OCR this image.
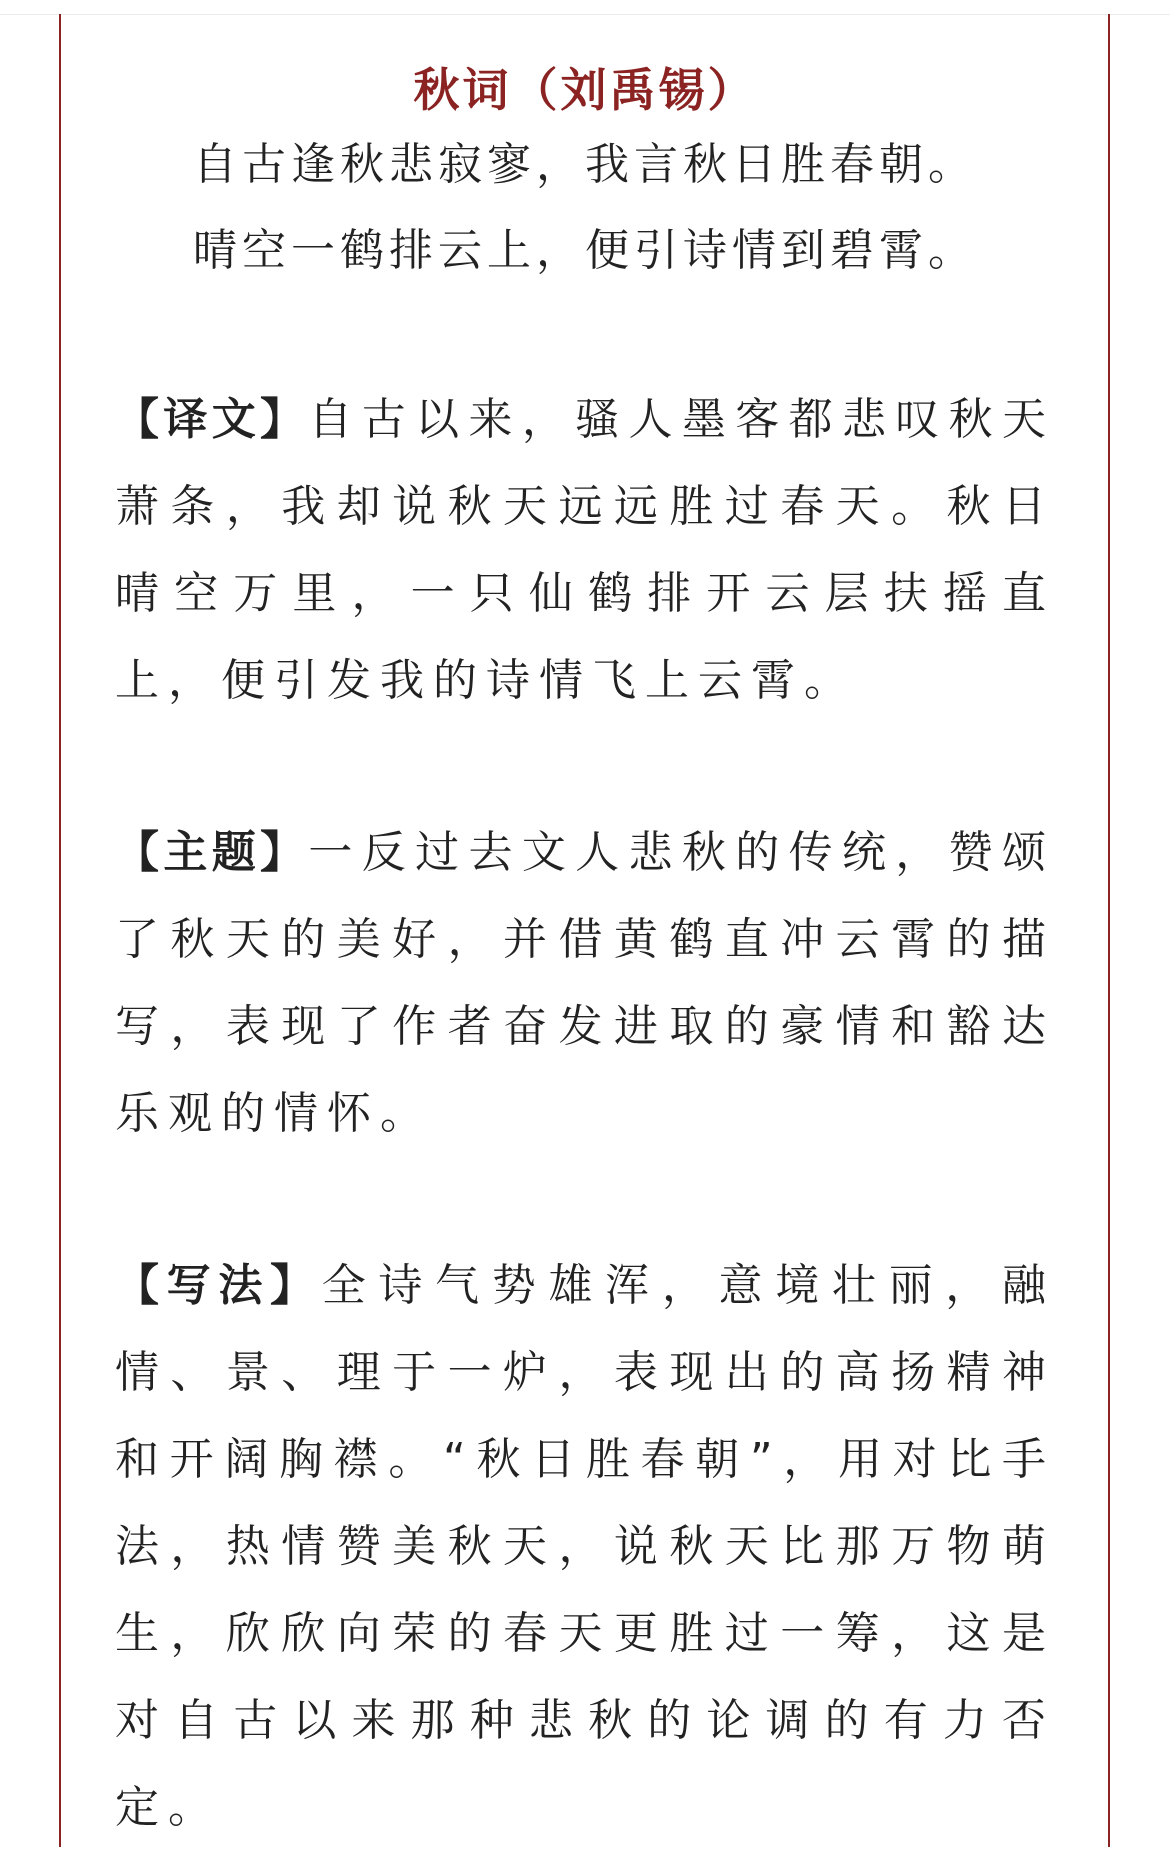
秋词（刘禹锡）
自古逢秋悲寂寥，我言秋日胜春朝。
晴空一鹤排云上，便引诗情到碧霄。

【译文】自古以来，骚人墨客都悲叹秋天萧条，我却说秋天远远胜过春天。秋日晴空万里，一只仙鹤排开云层扶摇直上，便引发我的诗情飞上云霄。

【主题】一反过去文人悲秋的传统，赞颂了秋天的美好，并借黄鹤直冲云霄的描写，表现了作者奋发进取的豪情和豁达乐观的情怀。

【写法】全诗气势雄浑，意境壮丽，融情、景、理于一炉，表现出的高扬精神和开阔胸襟。“秋日胜春朝”，用对比手法，热情赞美秋天，说秋天比那万物萌生，欣欣向荣的春天更胜过一筹，这是对自古以来那种悲秋的论调的有力否定。
